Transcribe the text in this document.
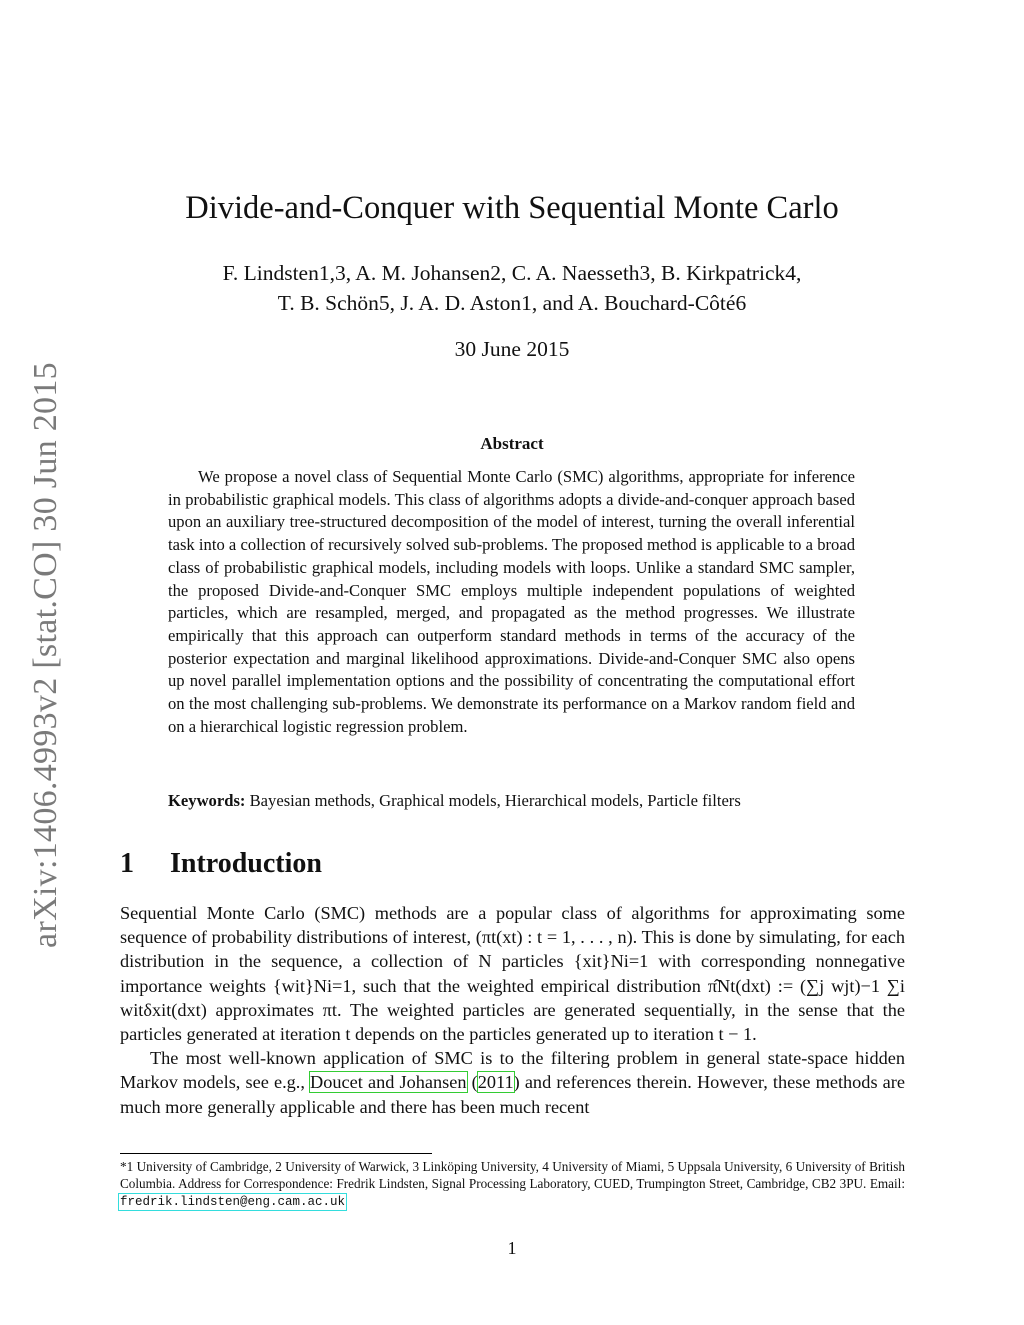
arXiv:1406.4993v2 [stat.CO] 30 Jun 2015
Divide-and-Conquer with Sequential Monte Carlo
F. Lindsten1,3, A. M. Johansen2, C. A. Naesseth3, B. Kirkpatrick4,
T. B. Schön5, J. A. D. Aston1, and A. Bouchard-Côté6
30 June 2015
Abstract

We propose a novel class of Sequential Monte Carlo (SMC) algorithms, appropriate for inference in probabilistic graphical models. This class of algorithms adopts a divide-and-conquer approach based upon an auxiliary tree-structured decomposition of the model of interest, turning the overall inferential task into a collection of recursively solved sub-problems. The proposed method is applicable to a broad class of probabilistic graphical models, including models with loops. Unlike a standard SMC sampler, the proposed Divide-and-Conquer SMC employs multiple independent populations of weighted particles, which are resampled, merged, and propagated as the method progresses. We illustrate empirically that this approach can outperform standard methods in terms of the accuracy of the posterior expectation and marginal likelihood approximations. Divide-and-Conquer SMC also opens up novel parallel implementation options and the possibility of concentrating the computational effort on the most challenging sub-problems. We demonstrate its performance on a Markov random field and on a hierarchical logistic regression problem.

Keywords: Bayesian methods, Graphical models, Hierarchical models, Particle filters
1 Introduction

Sequential Monte Carlo (SMC) methods are a popular class of algorithms for approximating some sequence of probability distributions of interest, (πt(xt) : t = 1, . . . , n). This is done by simulating, for each distribution in the sequence, a collection of N particles {xit}Ni=1 with corresponding nonnegative importance weights {wit}Ni=1, such that the weighted empirical distribution π̂Nt(dxt) := (∑j wjt)−1 ∑i witδxit(dxt) approximates πt. The weighted particles are generated sequentially, in the sense that the particles generated at iteration t depends on the particles generated up to iteration t − 1.

The most well-known application of SMC is to the filtering problem in general state-space hidden Markov models, see e.g., Doucet and Johansen (2011) and references therein. However, these methods are much more generally applicable and there has been much recent

*1 University of Cambridge, 2 University of Warwick, 3 Linköping University, 4 University of Miami, 5 Uppsala University, 6 University of British Columbia. Address for Correspondence: Fredrik Lindsten, Signal Processing Laboratory, CUED, Trumpington Street, Cambridge, CB2 3PU. Email: fredrik.lindsten@eng.cam.ac.uk

1
